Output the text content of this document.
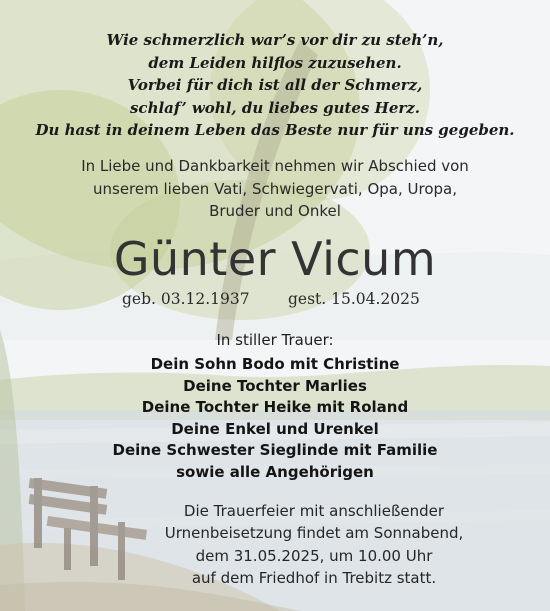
Wie schmerzlich war’s vor dir zu steh’n,
dem Leiden hilflos zuzusehen.
Vorbei für dich ist all der Schmerz,
schlaf’ wohl, du liebes gutes Herz.
Du hast in deinem Leben das Beste nur für uns gegeben.
In Liebe und Dankbarkeit nehmen wir Abschied von
unserem lieben Vati, Schwiegervati, Opa, Uropa,
Bruder und Onkel
Günter Vicum
geb. 03.12.1937 gest. 15.04.2025
In stiller Trauer:
Dein Sohn Bodo mit Christine
Deine Tochter Marlies
Deine Tochter Heike mit Roland
Deine Enkel und Urenkel
Deine Schwester Sieglinde mit Familie
sowie alle Angehörigen
Die Trauerfeier mit anschließender
Urnenbeisetzung findet am Sonnabend,
dem 31.05.2025, um 10.00 Uhr
auf dem Friedhof in Trebitz statt.
